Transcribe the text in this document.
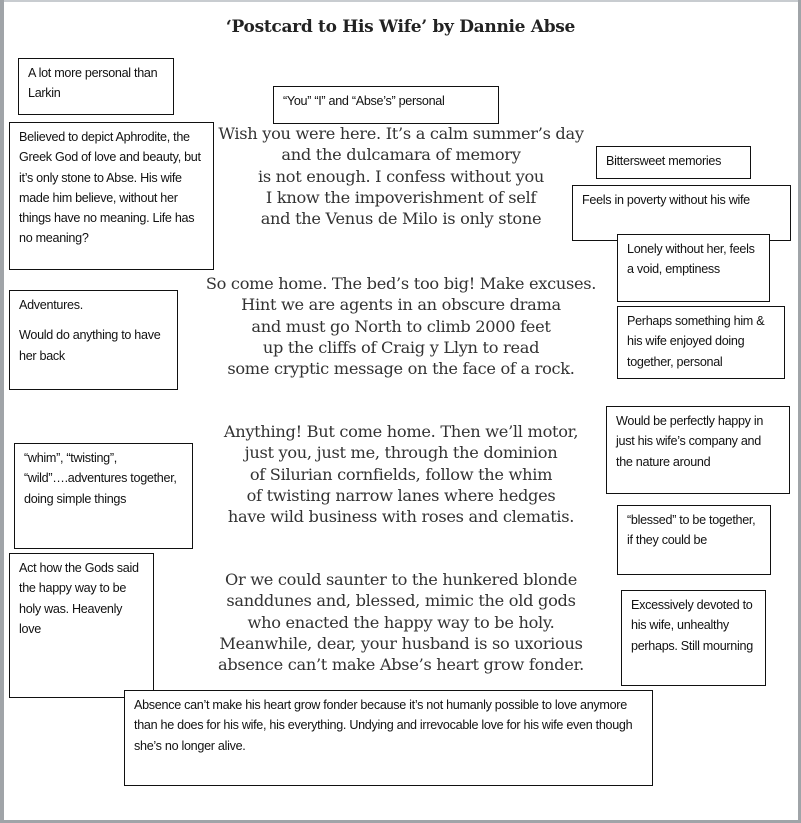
‘Postcard to His Wife’ by Dannie Abse
Wish you were here. It’s a calm summer’s day
and the dulcamara of memory
is not enough. I confess without you
I know the impoverishment of self
and the Venus de Milo is only stone
So come home. The bed’s too big! Make excuses.
Hint we are agents in an obscure drama
and must go North to climb 2000 feet
up the cliffs of Craig y Llyn to read
some cryptic message on the face of a rock.
Anything! But come home. Then we’ll motor,
just you, just me, through the dominion
of Silurian cornfields, follow the whim
of twisting narrow lanes where hedges
have wild business with roses and clematis.
Or we could saunter to the hunkered blonde
sanddunes and, blessed, mimic the old gods
who enacted the happy way to be holy.
Meanwhile, dear, your husband is so uxorious
absence can’t make Abse’s heart grow fonder.

A lot more personal than Larkin

“You” “I” and “Abse’s” personal

Believed to depict Aphrodite, the Greek God of love and beauty, but it’s only stone to Abse. His wife made him believe, without her things have no meaning. Life has no meaning?

Bittersweet memories

Feels in poverty without his wife

Lonely without her, feels a void, emptiness

Adventures.

Would do anything to have her back

Perhaps something him & his wife enjoyed doing together, personal

Would be perfectly happy in just his wife’s company and the nature around

“whim”, “twisting”, “wild”….adventures together, doing simple things

“blessed” to be together, if they could be

Act how the Gods said the happy way to be holy was. Heavenly love

Excessively devoted to his wife, unhealthy perhaps. Still mourning

Absence can’t make his heart grow fonder because it’s not humanly possible to love anymore than he does for his wife, his everything. Undying and irrevocable love for his wife even though she’s no longer alive.
